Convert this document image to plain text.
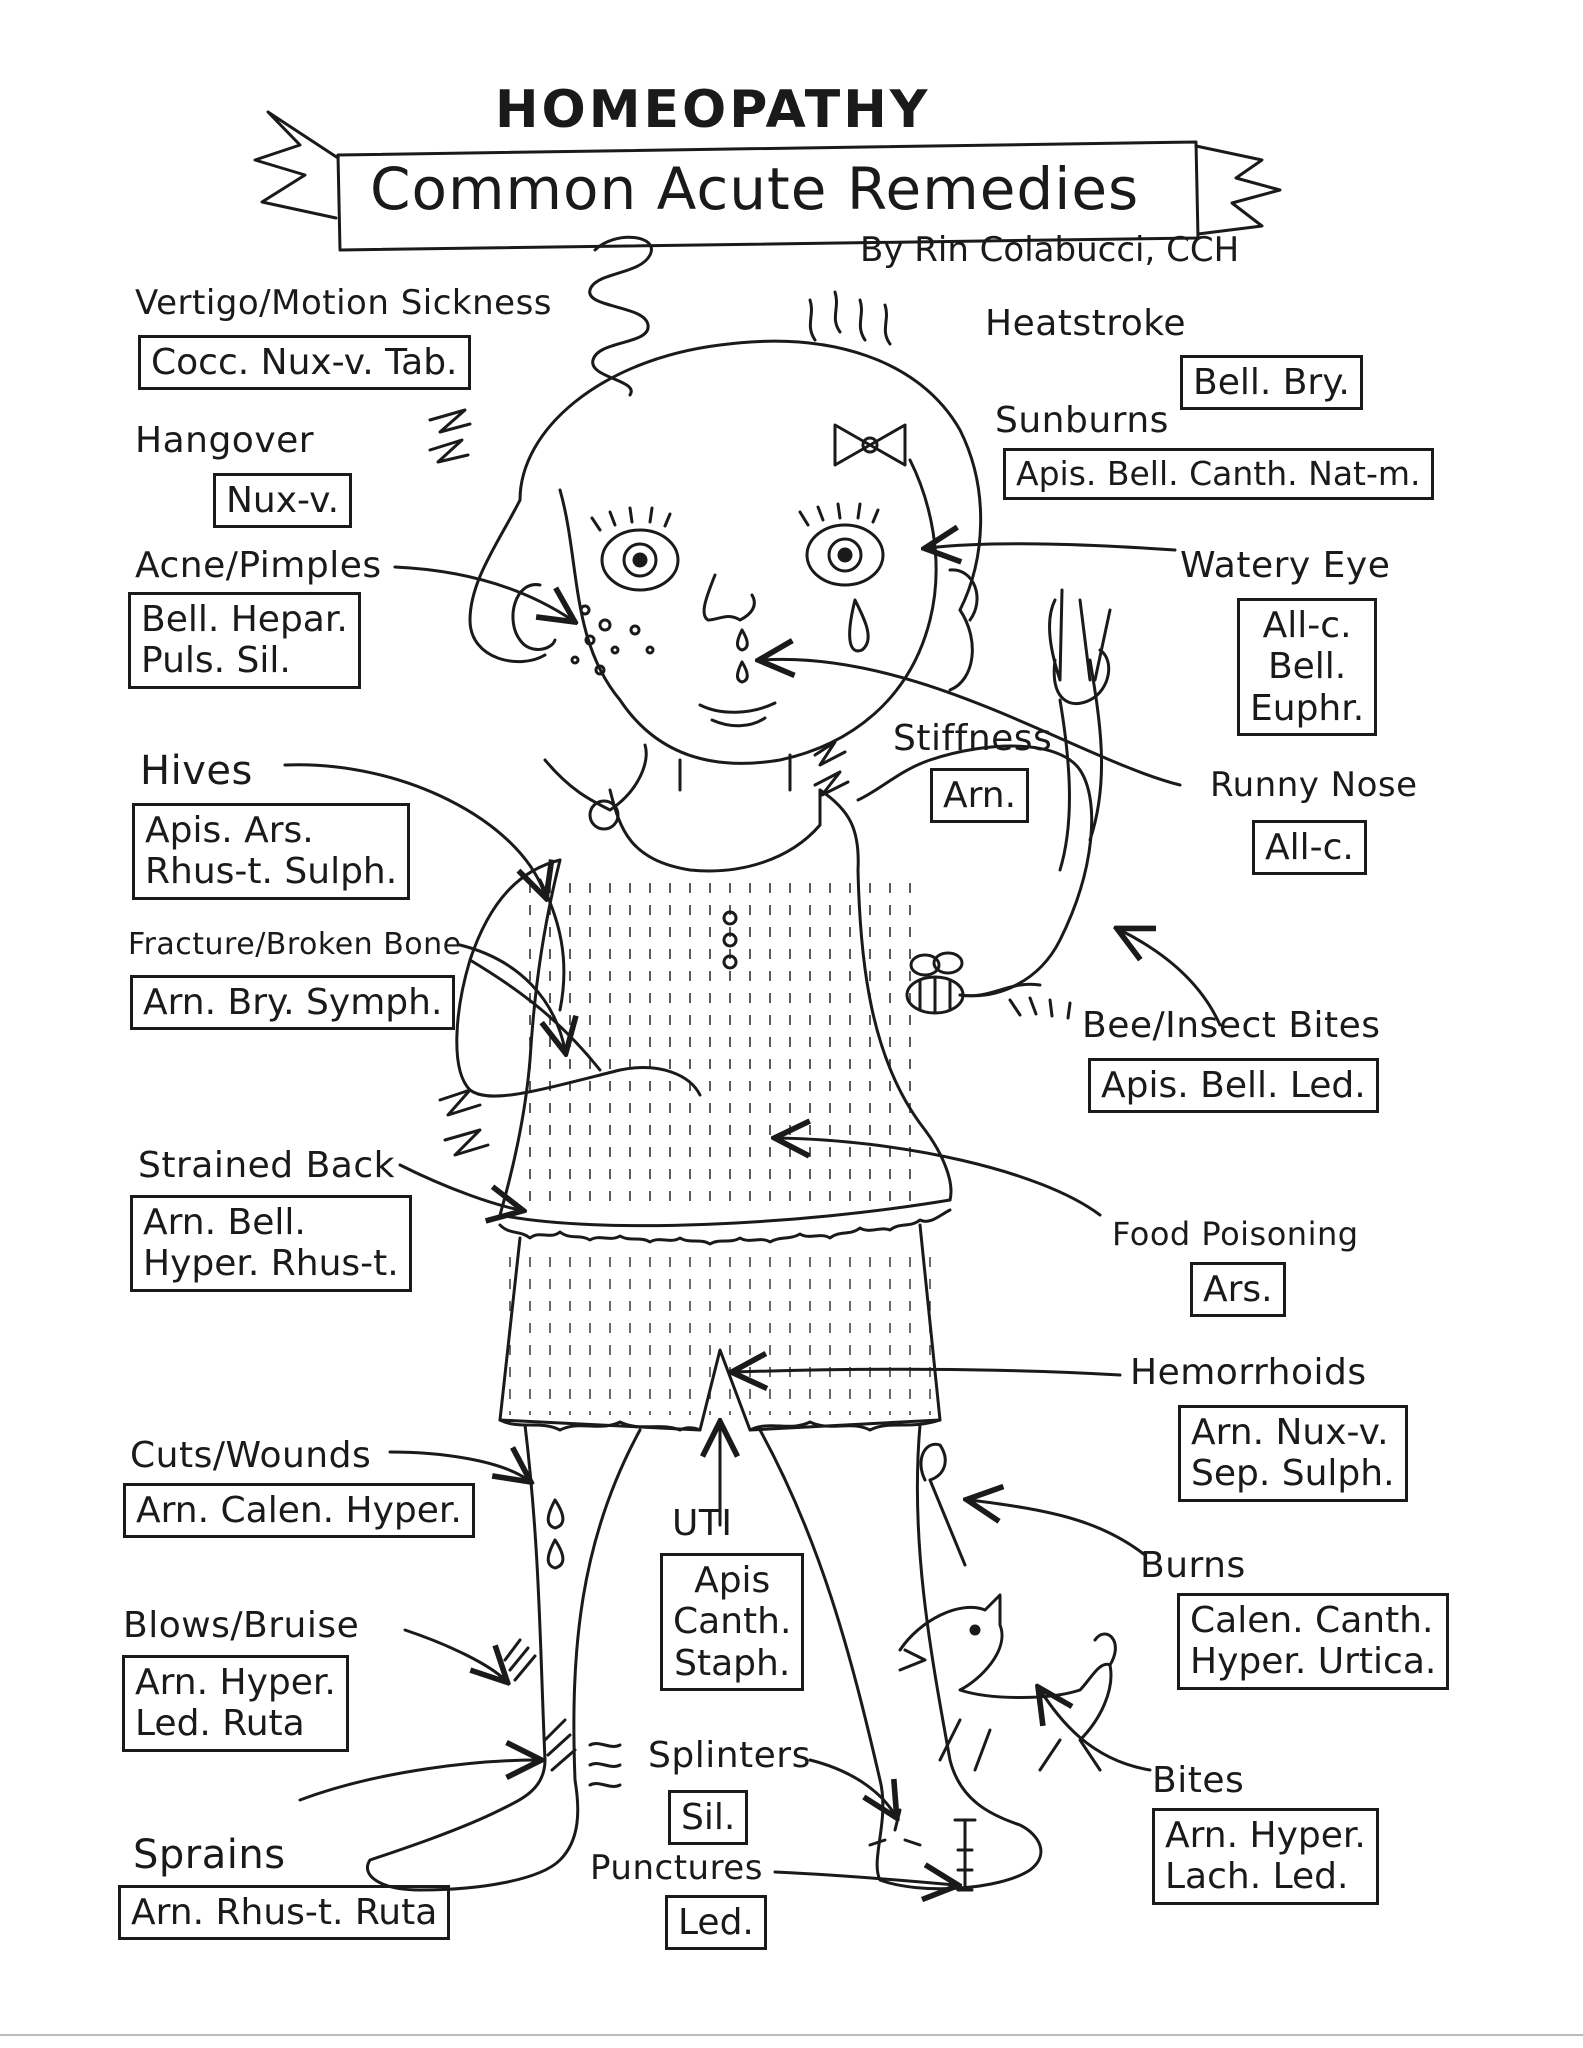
HOMEOPATHY
Common Acute Remedies
By Rin Colabucci, CCH
Vertigo/Motion Sickness
Cocc. Nux-v. Tab.
Hangover
Nux-v.
Acne/Pimples
Bell. Hepar.
Puls. Sil.
Hives
Apis. Ars.
Rhus-t. Sulph.
Fracture/Broken Bone
Arn. Bry. Symph.
Strained Back
Arn. Bell.
Hyper. Rhus-t.
Cuts/Wounds
Arn. Calen. Hyper.
Blows/Bruise
Arn. Hyper.
Led. Ruta
Sprains
Arn. Rhus-t. Ruta
Heatstroke
Bell. Bry.
Sunburns
Apis. Bell. Canth. Nat-m.
Watery Eye
All-c.
Bell.
Euphr.
Stiffness
Arn.	Runny Nose
All-c.
Bee/Insect Bites
Apis. Bell. Led.
Food Poisoning
Ars.
Hemorrhoids
Arn. Nux-v.
Sep. Sulph.
UTI
Apis
Canth.
Staph.
Burns
Calen. Canth.
Hyper. Urtica.
Splinters
Sil.
Bites
Arn. Hyper.
Lach. Led.
Punctures
Led.
